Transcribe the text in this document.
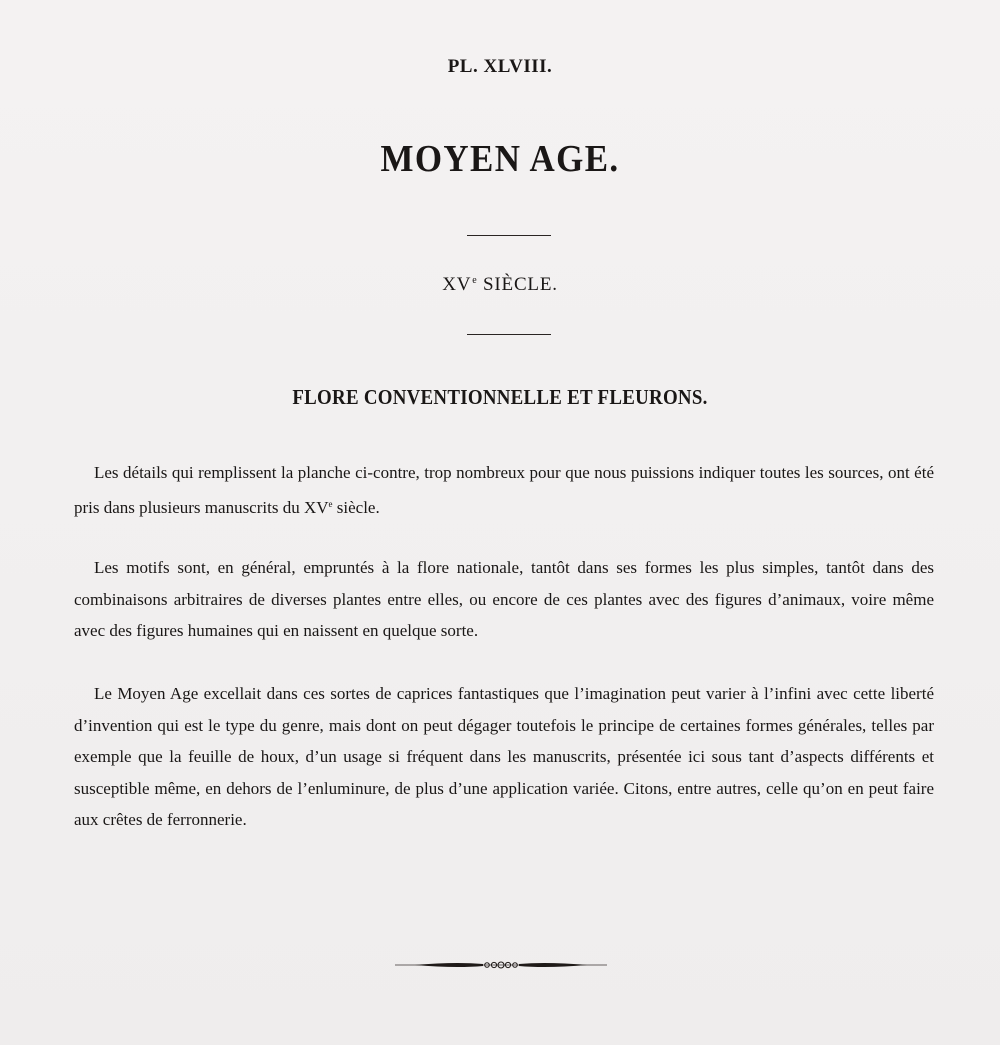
PL. XLVIII.
MOYEN AGE.
XVe SIÈCLE.
FLORE CONVENTIONNELLE ET FLEURONS.

Les détails qui remplissent la planche ci-contre, trop nombreux pour que nous puissions indiquer toutes les sources, ont été pris dans plusieurs manuscrits du XVe siècle.

Les motifs sont, en général, empruntés à la flore nationale, tantôt dans ses formes les plus simples, tantôt dans des combinaisons arbitraires de diverses plantes entre elles, ou encore de ces plantes avec des figures d’animaux, voire même avec des figures humaines qui en naissent en quelque sorte.

Le Moyen Age excellait dans ces sortes de caprices fantastiques que l’imagination peut varier à l’infini avec cette liberté d’invention qui est le type du genre, mais dont on peut dégager toutefois le principe de certaines formes générales, telles par exemple que la feuille de houx, d’un usage si fréquent dans les manuscrits, présentée ici sous tant d’aspects différents et susceptible même, en dehors de l’enluminure, de plus d’une application variée. Citons, entre autres, celle qu’on en peut faire aux crêtes de ferronnerie.
